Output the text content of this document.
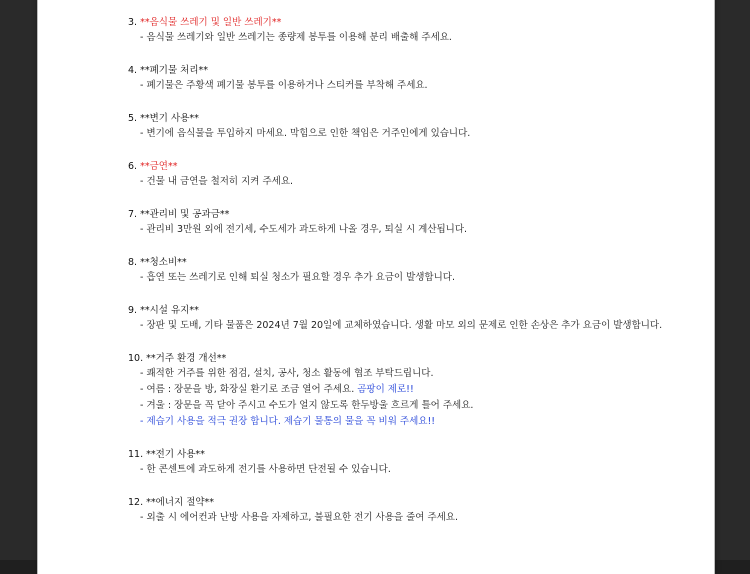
3. **음식물 쓰레기 및 일반 쓰레기**
- 음식물 쓰레기와 일반 쓰레기는 종량제 봉투를 이용해 분리 배출해 주세요.
4. **폐기물 처리**
- 폐기물은 주황색 폐기물 봉투를 이용하거나 스티커를 부착해 주세요.
5. **변기 사용**
- 변기에 음식물을 투입하지 마세요. 막힘으로 인한 책임은 거주인에게 있습니다.
6. **금연**
- 건물 내 금연을 철저히 지켜 주세요.
7. **관리비 및 공과금**
- 관리비 3만원 외에 전기세, 수도세가 과도하게 나올 경우, 퇴실 시 계산됩니다.
8. **청소비**
- 흡연 또는 쓰레기로 인해 퇴실 청소가 필요할 경우 추가 요금이 발생합니다.
9. **시설 유지**
- 장판 및 도배, 기타 물품은 2024년 7월 20일에 교체하였습니다. 생활 마모 외의 문제로 인한 손상은 추가 요금이 발생합니다.
10. **거주 환경 개선**
- 쾌적한 거주를 위한 점검, 설치, 공사, 청소 활동에 협조 부탁드립니다.
- 여름 : 장문을 방, 화장실 환기로 조금 열어 주세요. 곰팡이 제로!!
- 겨울 : 장문을 꼭 닫아 주시고 수도가 얼지 않도록 한두방울 흐르게 틀어 주세요.
- 제습기 사용을 적극 권장 합니다. 제습기 물통의 물을 꼭 비워 주세요!!
11. **전기 사용**
- 한 콘센트에 과도하게 전기를 사용하면 단전될 수 있습니다.
12. **에너지 절약**
- 외출 시 에어컨과 난방 사용을 자제하고, 불필요한 전기 사용을 줄여 주세요.
